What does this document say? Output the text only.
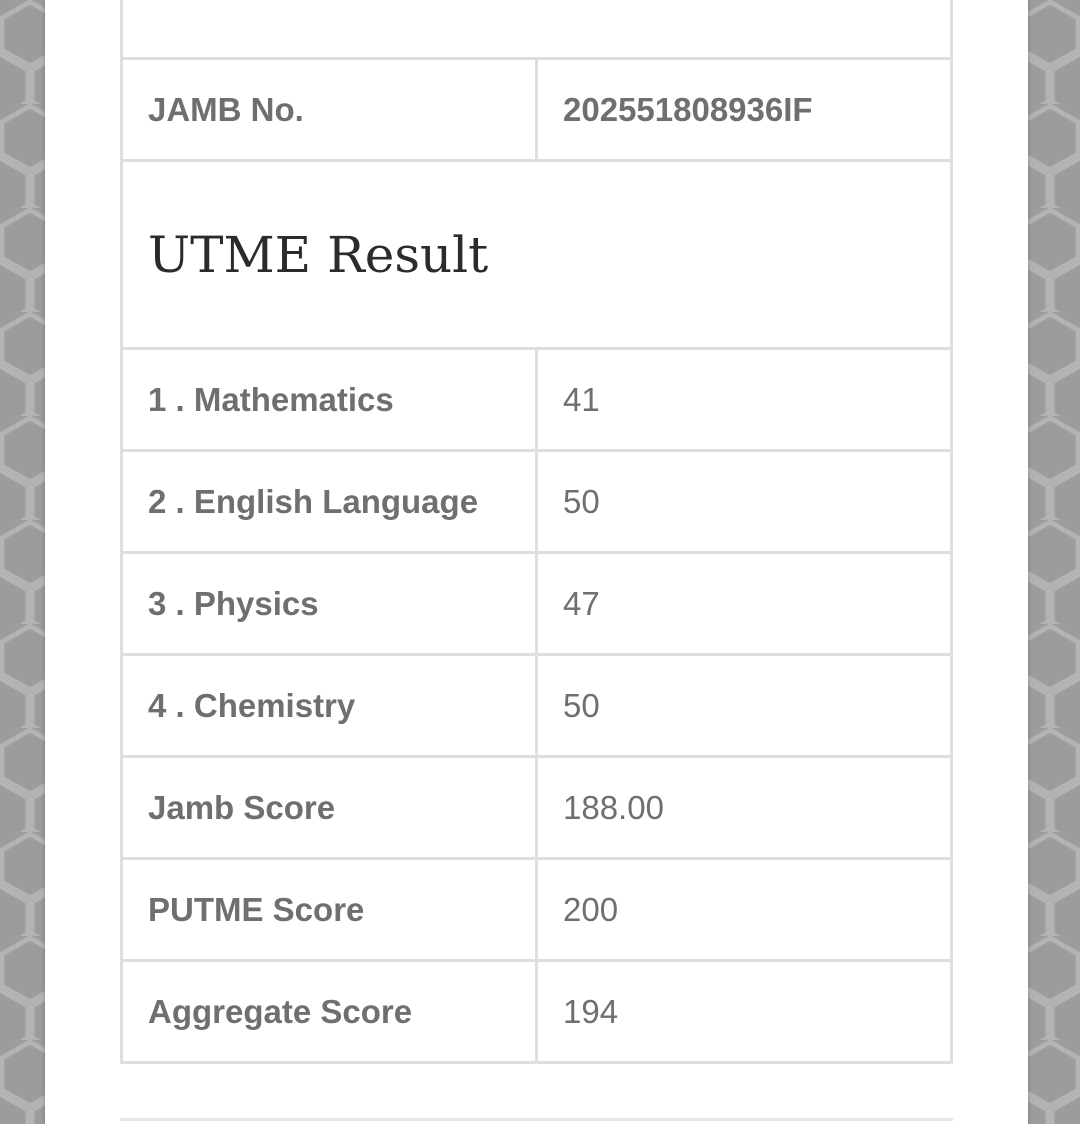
JAMB No.	202551808936IF
UTME Result	
1 . Mathematics	41
2 . English Language	50
3 . Physics	47
4 . Chemistry	50
Jamb Score	188.00
PUTME Score	200
Aggregate Score	194
